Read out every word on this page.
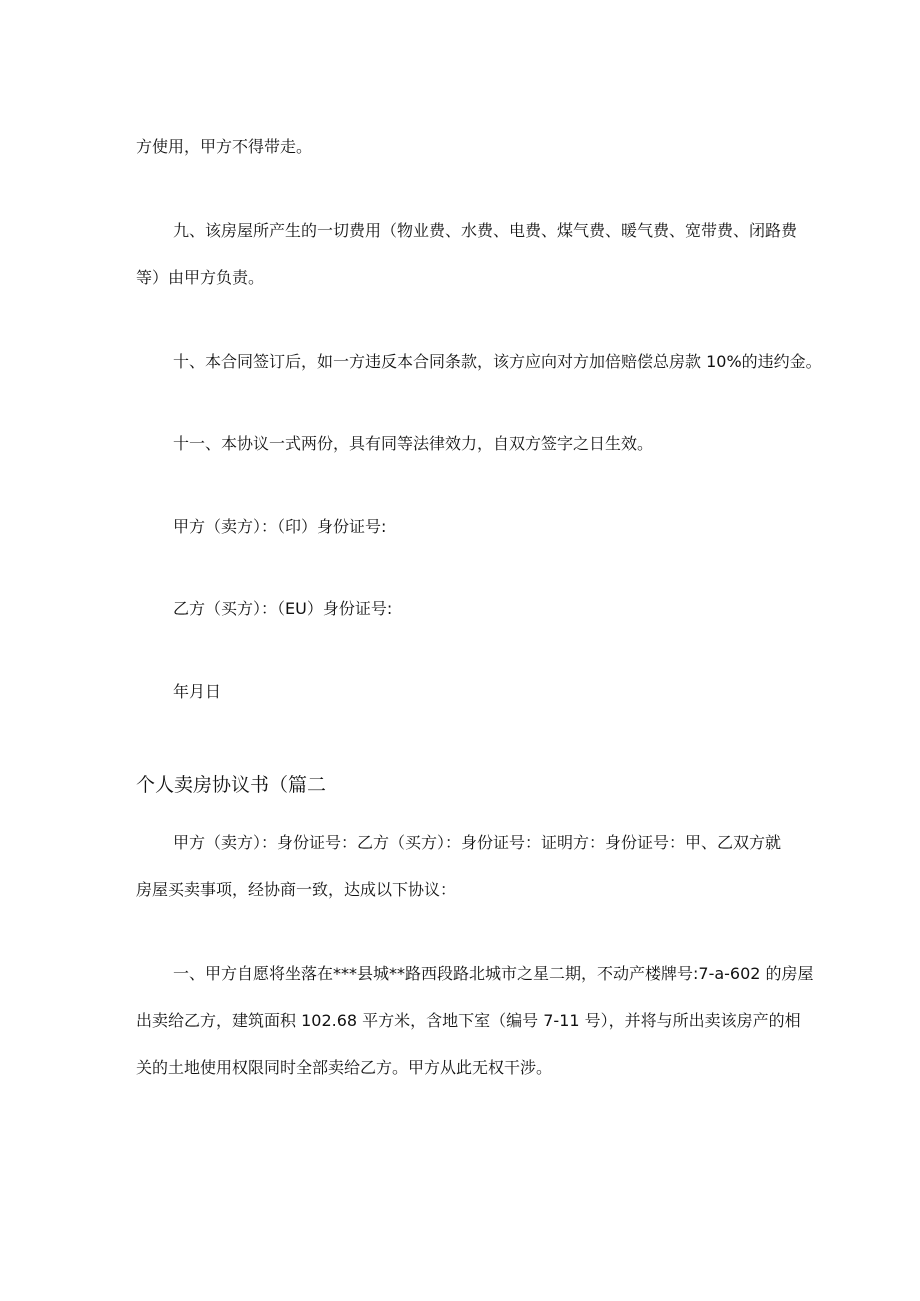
方使用，甲方不得带走。
九、该房屋所产生的一切费用（物业费、水费、电费、煤气费、暖气费、宽带费、闭路费
等）由甲方负责。
十、本合同签订后，如一方违反本合同条款，该方应向对方加倍赔偿总房款 10%的违约金。
十一、本协议一式两份，具有同等法律效力，自双方签字之日生效。
甲方（卖方）：（印）身份证号:
乙方（买方）：（EU）身份证号:
年月日
个人卖房协议书（篇二
甲方（卖方）：身份证号：乙方（买方）：身份证号：证明方：身份证号：甲、乙双方就
房屋买卖事项，经协商一致，达成以下协议：
一、甲方自愿将坐落在***县城**路西段路北城市之星二期，不动产楼牌号:7-a-602 的房屋
出卖给乙方，建筑面积 102.68 平方米，含地下室（编号 7-11 号），并将与所出卖该房产的相
关的土地使用权限同时全部卖给乙方。甲方从此无权干涉。
